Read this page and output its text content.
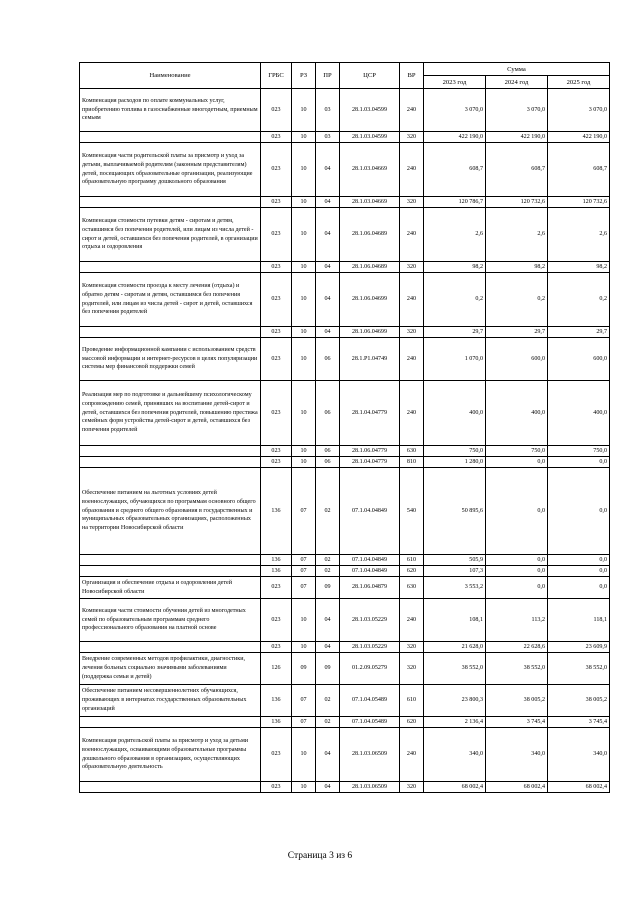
Наименование	ГРБС	РЗ	ПР	ЦСР	ВР	Сумма		
						2023 год	2024 год	2025 год
Компенсация расходов по оплате коммунальных услуг, приобретению топлива в газоснабженные многодетным, приемным семьям	023	10	03	28.1.03.04599	240	3 070,0	3 070,0	3 070,0
	023	10	03	28.1.03.04599	320	422 190,0	422 190,0	422 190,0
Компенсация части родительской платы за присмотр и уход за детьми, выплачиваемой родителям (законным представителям) детей, посещающих образовательные организации, реализующие образовательную программу дошкольного образования	023	10	04	28.1.03.04669	240	608,7	608,7	608,7
	023	10	04	28.1.03.04669	320	120 786,7	120 732,6	120 732,6
Компенсация стоимости путевки детям - сиротам и детям, оставшимся без попечения родителей, или лицам из числа детей - сирот и детей, оставшихся без попечения родителей, в организации отдыха и оздоровления	023	10	04	28.1.06.04689	240	2,6	2,6	2,6
	023	10	04	28.1.06.04689	320	98,2	98,2	98,2
Компенсация стоимости проезда к месту лечения (отдыха) и обратно детям - сиротам и детям, оставшимся без попечения родителей, или лицам из числа детей - сирот и детей, оставшихся без попечения родителей	023	10	04	28.1.06.04699	240	0,2	0,2	0,2
	023	10	04	28.1.06.04699	320	29,7	29,7	29,7
Проведение информационной кампании с использованием средств массовой информации и интернет-ресурсов в целях популяризации системы мер финансовой поддержки семей	023	10	06	28.1.Р1.04749	240	1 070,0	600,0	600,0
Реализация мер по подготовке и дальнейшему психологическому сопровождению семей, принявших на воспитание детей-сирот и детей, оставшихся без попечения родителей, повышению престижа семейных форм устройства детей-сирот и детей, оставшихся без попечения родителей	023	10	06	28.1.04.04779	240	400,0	400,0	400,0
	023	10	06	28.1.06.04779	630	750,0	750,0	750,0
	023	10	06	28.1.04.04779	810	1 280,0	0,0	0,0
Обеспечение питанием на льготных условиях детей военнослужащих, обучающихся по программам основного общего образования и среднего общего образования в государственных и муниципальных образовательных организациях, расположенных на территории Новосибирской области	136	07	02	07.1.04.04849	540	50 895,6	0,0	0,0
	136	07	02	07.1.04.04849	610	505,9	0,0	0,0
	136	07	02	07.1.04.04849	620	107,3	0,0	0,0
Организация и обеспечение отдыха и оздоровления детей Новосибирской области	023	07	09	28.1.06.04879	630	3 553,2	0,0	0,0
Компенсация части стоимости обучения детей из многодетных семей по образовательным программам среднего профессионального образования на платной основе	023	10	04	28.1.03.05229	240	108,1	113,2	118,1
	023	10	04	28.1.03.05229	320	21 628,0	22 628,6	23 609,9
Внедрение современных методов профилактики, диагностики, лечения больных социально значимыми заболеваниями (поддержка семьи и детей)	126	09	09	01.2.09.05279	320	38 552,0	38 552,0	38 552,0
Обеспечение питанием несовершеннолетних обучающихся, проживающих в интернатах государственных образовательных организаций	136	07	02	07.1.04.05489	610	23 800,3	38 005,2	38 005,2
	136	07	02	07.1.04.05489	620	2 136,4	3 745,4	3 745,4
Компенсация родительской платы за присмотр и уход за детьми военнослужащих, осваивающими образовательные программы дошкольного образования в организациях, осуществляющих образовательную деятельность	023	10	04	28.1.03.06509	240	340,0	340,0	340,0
	023	10	04	28.1.03.06509	320	68 002,4	68 002,4	68 002,4
Страница 3 из 6
